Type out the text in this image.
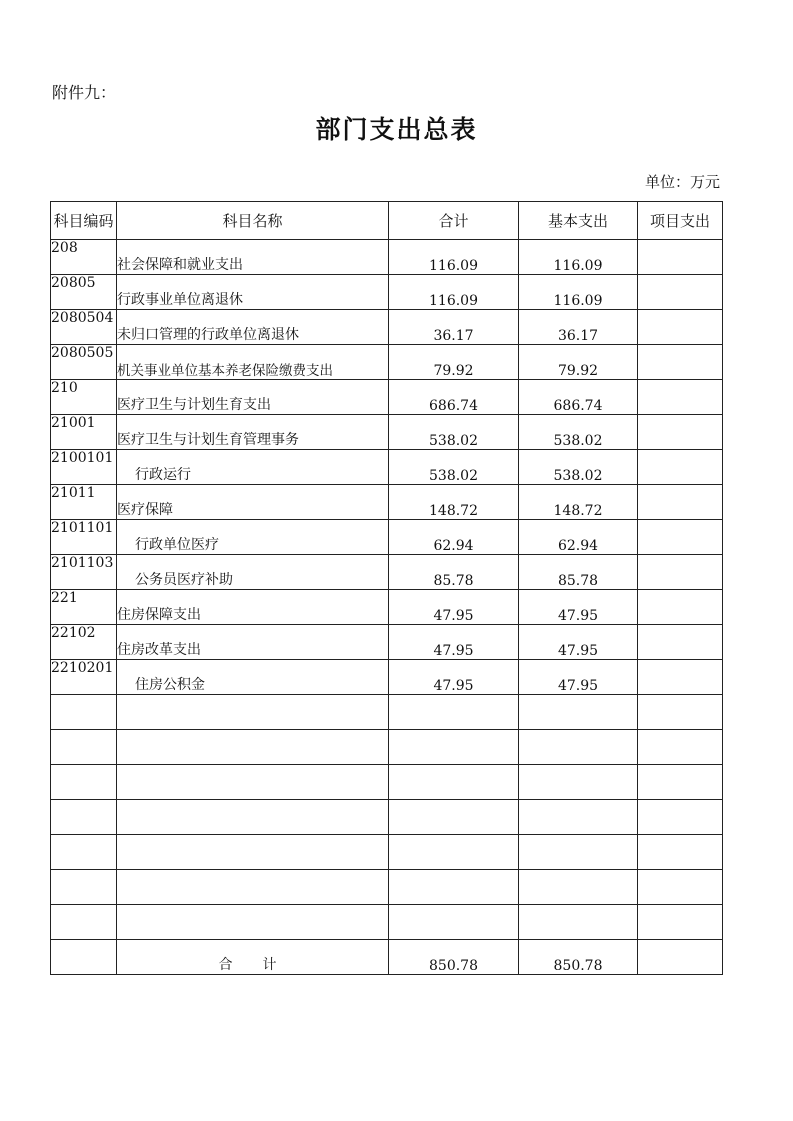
附件九：
部门支出总表
单位：万元
科目编码	科目名称	合计	基本支出	项目支出
208	社会保障和就业支出	116.09	116.09	
20805	行政事业单位离退休	116.09	116.09	
2080504	未归口管理的行政单位离退休	36.17	36.17	
2080505	机关事业单位基本养老保险缴费支出	79.92	79.92	
210	医疗卫生与计划生育支出	686.74	686.74	
21001	医疗卫生与计划生育管理事务	538.02	538.02	
2100101	行政运行	538.02	538.02	
21011	医疗保障	148.72	148.72	
2101101	行政单位医疗	62.94	62.94	
2101103	公务员医疗补助	85.78	85.78	
221	住房保障支出	47.95	47.95	
22102	住房改革支出	47.95	47.95	
2210201	住房公积金	47.95	47.95	

	合计	850.78	850.78	
